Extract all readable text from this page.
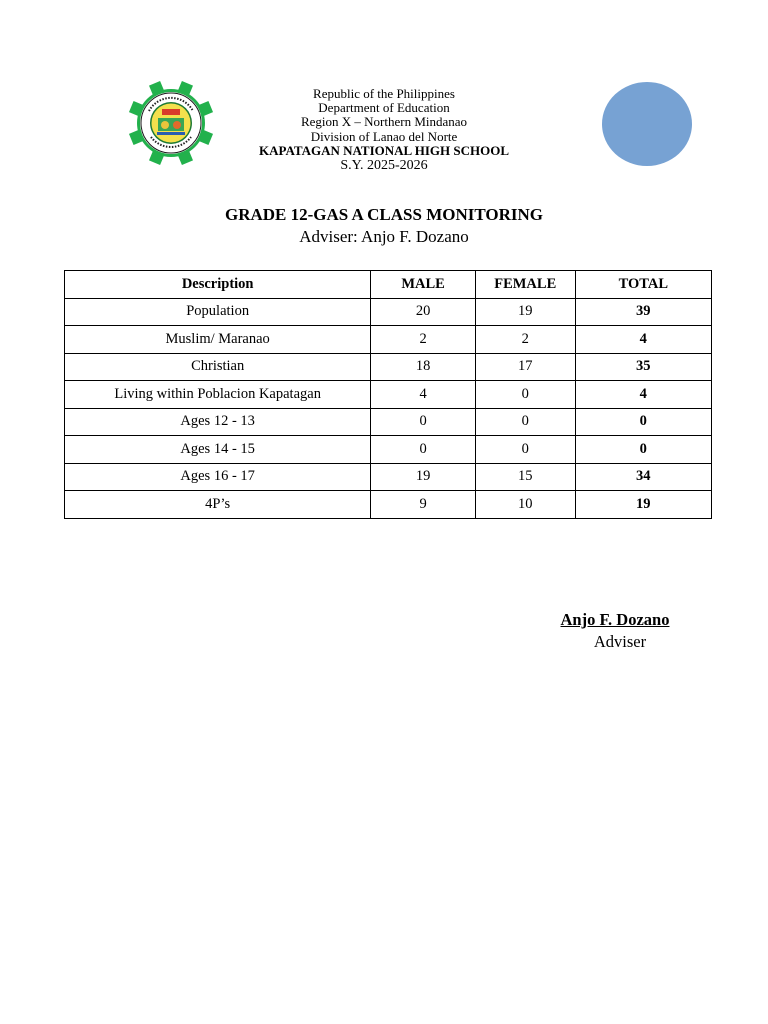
Republic of the Philippines
Department of Education
Region X – Northern Mindanao
Division of Lanao del Norte
KAPATAGAN NATIONAL HIGH SCHOOL
S.Y. 2025-2026
GRADE 12-GAS A CLASS MONITORING
Adviser: Anjo F. Dozano
Description	MALE	FEMALE	TOTAL
Population	20	19	39
Muslim/ Maranao	2	2	4
Christian	18	17	35
Living within Poblacion Kapatagan	4	0	4
Ages 12 - 13	0	0	0
Ages 14 - 15	0	0	0
Ages 16 - 17	19	15	34
4P’s	9	10	19
Anjo F. Dozano
Adviser
